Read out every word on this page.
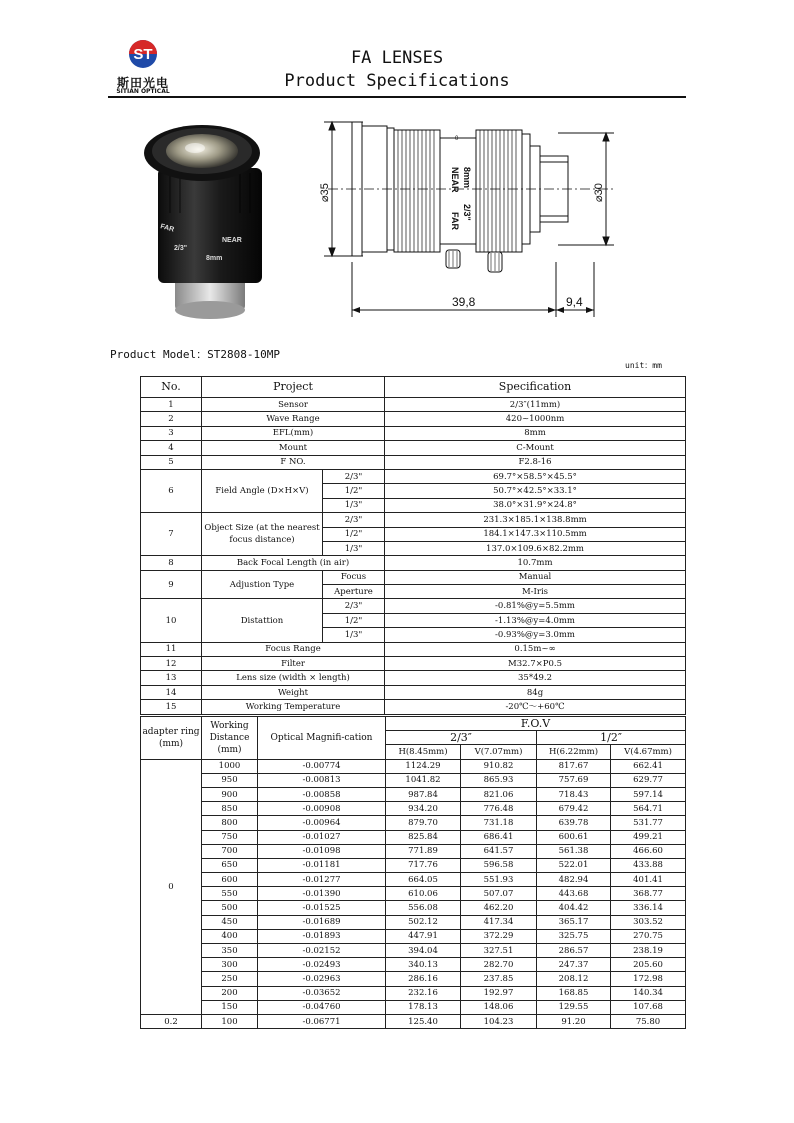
ST
斯田光电
SITIAN OPTICAL
FA LENSES
Product Specifications
FAR
NEAR
2/3"
8mm
⌀35	⌀30
NEAR
0
8mm
2/3"
FAR
39,8	9,4
Product Model：ST2808-10MP
unit：mm
No.	Project		Specification
1	Sensor		2/3″(11mm)
2	Wave Range		420~1000nm
3	EFL(mm)		8mm
4	Mount		C-Mount
5	F NO.		F2.8-16
6	Field Angle (D×H×V)	2/3"	69.7°×58.5°×45.5°
		1/2"	50.7°×42.5°×33.1°
		1/3"	38.0°×31.9°×24.8°
7	Object Size (at the nearest focus distance)	2/3"	231.3×185.1×138.8mm
		1/2"	184.1×147.3×110.5mm
		1/3"	137.0×109.6×82.2mm
8	Back Focal Length (in air)		10.7mm
9	Adjustion Type	Focus	Manual
		Aperture	M-Iris
10	Distattion	2/3"	-0.81%@y=5.5mm
		1/2"	-1.13%@y=4.0mm
		1/3"	-0.93%@y=3.0mm
11	Focus Range		0.15m~∞
12	Filter		M32.7×P0.5
13	Lens size (width × length)		35*49.2
14	Weight		84g
15	Working Temperature		-20℃～+60℃
adapter ring (mm)	Working Distance (mm)	Optical Magnifi-cation	F.O.V			
			2/3″		1/2″	
			H(8.45mm)	V(7.07mm)	H(6.22mm)	V(4.67mm)
0	1000	-0.00774	1124.29	910.82	817.67	662.41
	950	-0.00813	1041.82	865.93	757.69	629.77
	900	-0.00858	987.84	821.06	718.43	597.14
	850	-0.00908	934.20	776.48	679.42	564.71
	800	-0.00964	879.70	731.18	639.78	531.77
	750	-0.01027	825.84	686.41	600.61	499.21
	700	-0.01098	771.89	641.57	561.38	466.60
	650	-0.01181	717.76	596.58	522.01	433.88
	600	-0.01277	664.05	551.93	482.94	401.41
	550	-0.01390	610.06	507.07	443.68	368.77
	500	-0.01525	556.08	462.20	404.42	336.14
	450	-0.01689	502.12	417.34	365.17	303.52
	400	-0.01893	447.91	372.29	325.75	270.75
	350	-0.02152	394.04	327.51	286.57	238.19
	300	-0.02493	340.13	282.70	247.37	205.60
	250	-0.02963	286.16	237.85	208.12	172.98
	200	-0.03652	232.16	192.97	168.85	140.34
	150	-0.04760	178.13	148.06	129.55	107.68
0.2	100	-0.06771	125.40	104.23	91.20	75.80
